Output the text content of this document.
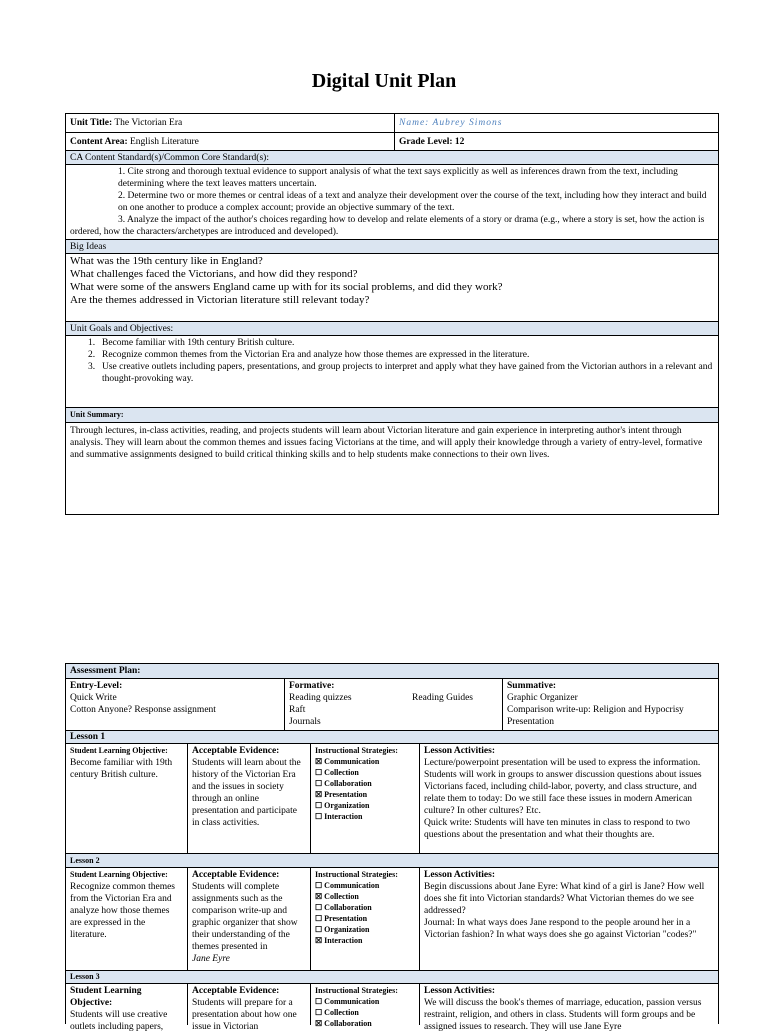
Digital Unit Plan
Unit Title: The Victorian Era	Name: Aubrey Simons
Content Area: English Literature	Grade Level: 12
CA Content Standard(s)/Common Core Standard(s):
1. Cite strong and thorough textual evidence to support analysis of what the text says explicitly as well as inferences drawn from the text, including determining where the text leaves matters uncertain.
2. Determine two or more themes or central ideas of a text and analyze their development over the course of the text, including how they interact and build on one another to produce a complex account; provide an objective summary of the text.
3. Analyze the impact of the author's choices regarding how to develop and relate elements of a story or drama (e.g., where a story is set, how the action is ordered, how the characters/archetypes are introduced and developed).
Big Ideas
What was the 19th century like in England?
What challenges faced the Victorians, and how did they respond?
What were some of the answers England came up with for its social problems, and did they work?
Are the themes addressed in Victorian literature still relevant today?
Unit Goals and Objectives:
1. Become familiar with 19th century British culture.
2. Recognize common themes from the Victorian Era and analyze how those themes are expressed in the literature.
3. Use creative outlets including papers, presentations, and group projects to interpret and apply what they have gained from the Victorian authors in a relevant and thought-provoking way.
Unit Summary:
Through lectures, in-class activities, reading, and projects students will learn about Victorian literature and gain experience in interpreting author's intent through analysis. They will learn about the common themes and issues facing Victorians at the time, and will apply their knowledge through a variety of entry-level, formative and summative assignments designed to build critical thinking skills and to help students make connections to their own lives.
Assessment Plan:
Entry-Level:
Quick Write
Cotton Anyone? Response assignment
Formative:
Reading quizzes	Reading Guides
Raft
Journals
Summative:
Graphic Organizer
Comparison write-up: Religion and Hypocrisy
Presentation
Lesson 1
Student Learning Objective:
Become familiar with 19th century British culture.
Acceptable Evidence:
Students will learn about the history of the Victorian Era and the issues in society through an online presentation and participate in class activities.
Instructional Strategies:
☒ Communication
☐ Collection
☐ Collaboration
☒ Presentation
☐ Organization
☐ Interaction
Lesson Activities:
Lecture/powerpoint presentation will be used to express the information.
Students will work in groups to answer discussion questions about issues Victorians faced, including child-labor, poverty, and class structure, and relate them to today: Do we still face these issues in modern American culture? In other cultures? Etc.
Quick write: Students will have ten minutes in class to respond to two questions about the presentation and what their thoughts are.
Lesson 2
Student Learning Objective:
Recognize common themes from the Victorian Era and analyze how those themes are expressed in the literature.
Acceptable Evidence:
Students will complete assignments such as the comparison write-up and graphic organizer that show their understanding of the themes presented in
Jane Eyre
Instructional Strategies:
☐ Communication
☒ Collection
☐ Collaboration
☐ Presentation
☐ Organization
☒ Interaction
Lesson Activities:
Begin discussions about Jane Eyre: What kind of a girl is Jane? How well does she fit into Victorian standards? What Victorian themes do we see addressed?
Journal: In what ways does Jane respond to the people around her in a Victorian fashion? In what ways does she go against Victorian "codes?"
Lesson 3
Student Learning Objective:
Students will use creative outlets including papers,
Acceptable Evidence:
Students will prepare for a presentation about how one issue in Victorian
Instructional Strategies:
☐ Communication
☐ Collection
☒ Collaboration
Lesson Activities:
We will discuss the book's themes of marriage, education, passion versus restraint, religion, and others in class. Students will form groups and be assigned issues to research. They will use Jane Eyre
